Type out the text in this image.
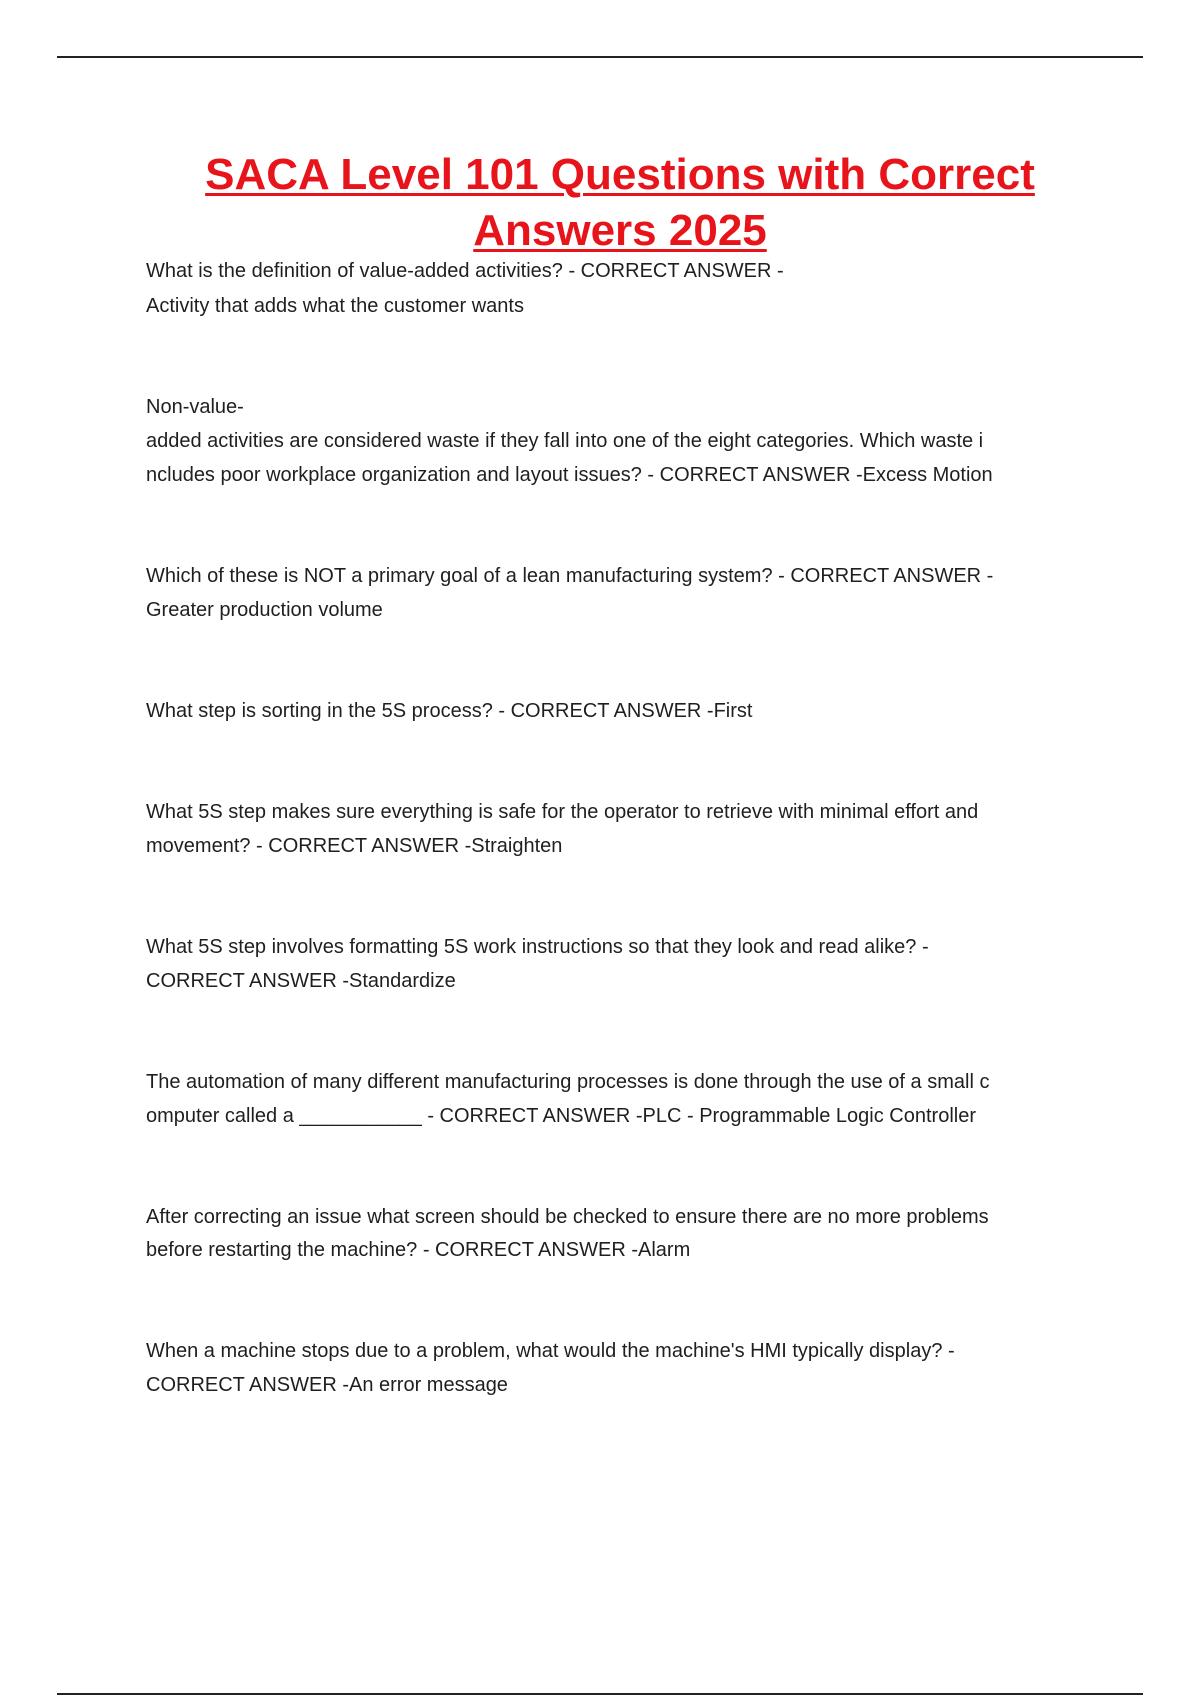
SACA Level 101 Questions with Correct Answers 2025

What is the definition of value-added activities? - CORRECT ANSWER -

Activity that adds what the customer wants

Non-value-

added activities are considered waste if they fall into one of the eight categories. Which waste i

ncludes poor workplace organization and layout issues? - CORRECT ANSWER -Excess Motion

Which of these is NOT a primary goal of a lean manufacturing system? - CORRECT ANSWER -

Greater production volume

What step is sorting in the 5S process? - CORRECT ANSWER -First

What 5S step makes sure everything is safe for the operator to retrieve with minimal effort and

movement? - CORRECT ANSWER -Straighten

What 5S step involves formatting 5S work instructions so that they look and read alike? -

CORRECT ANSWER -Standardize

The automation of many different manufacturing processes is done through the use of a small c

omputer called a ___________ - CORRECT ANSWER -PLC - Programmable Logic Controller

After correcting an issue what screen should be checked to ensure there are no more problems

before restarting the machine? - CORRECT ANSWER -Alarm

When a machine stops due to a problem, what would the machine's HMI typically display? -

CORRECT ANSWER -An error message
